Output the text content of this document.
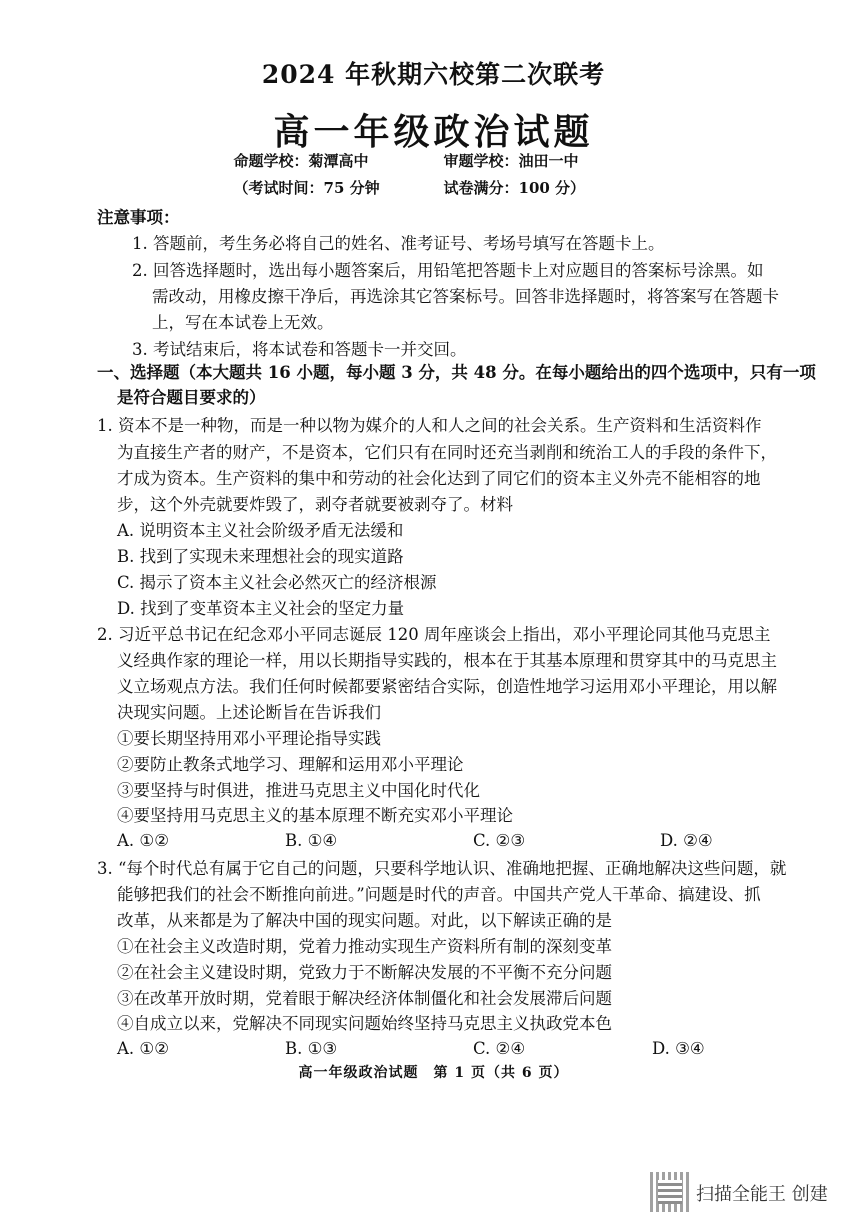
2024 年秋期六校第二次联考
高一年级政治试题
命题学校：菊潭高中	审题学校：油田一中
（考试时间：75 分钟	试卷满分：100 分）
注意事项：
1. 答题前，考生务必将自己的姓名、准考证号、考场号填写在答题卡上。
2. 回答选择题时，选出每小题答案后，用铅笔把答题卡上对应题目的答案标号涂黑。如
需改动，用橡皮擦干净后，再选涂其它答案标号。回答非选择题时，将答案写在答题卡
上，写在本试卷上无效。
3. 考试结束后，将本试卷和答题卡一并交回。
一、选择题（本大题共 16 小题，每小题 3 分，共 48 分。在每小题给出的四个选项中，只有一项
是符合题目要求的）
1. 资本不是一种物，而是一种以物为媒介的人和人之间的社会关系。生产资料和生活资料作
为直接生产者的财产，不是资本，它们只有在同时还充当剥削和统治工人的手段的条件下，
才成为资本。生产资料的集中和劳动的社会化达到了同它们的资本主义外壳不能相容的地
步，这个外壳就要炸毁了，剥夺者就要被剥夺了。材料
A. 说明资本主义社会阶级矛盾无法缓和
B. 找到了实现未来理想社会的现实道路
C. 揭示了资本主义社会必然灭亡的经济根源
D. 找到了变革资本主义社会的坚定力量
2. 习近平总书记在纪念邓小平同志诞辰 120 周年座谈会上指出，邓小平理论同其他马克思主
义经典作家的理论一样，用以长期指导实践的，根本在于其基本原理和贯穿其中的马克思主
义立场观点方法。我们任何时候都要紧密结合实际，创造性地学习运用邓小平理论，用以解
决现实问题。上述论断旨在告诉我们
①要长期坚持用邓小平理论指导实践
②要防止教条式地学习、理解和运用邓小平理论
③要坚持与时俱进，推进马克思主义中国化时代化
④要坚持用马克思主义的基本原理不断充实邓小平理论
A. ①②	B. ①④	C. ②③	D. ②④
3. “每个时代总有属于它自己的问题，只要科学地认识、准确地把握、正确地解决这些问题，就
能够把我们的社会不断推向前进。”问题是时代的声音。中国共产党人干革命、搞建设、抓
改革，从来都是为了解决中国的现实问题。对此，以下解读正确的是
①在社会主义改造时期，党着力推动实现生产资料所有制的深刻变革
②在社会主义建设时期，党致力于不断解决发展的不平衡不充分问题
③在改革开放时期，党着眼于解决经济体制僵化和社会发展滞后问题
④自成立以来，党解决不同现实问题始终坚持马克思主义执政党本色
A. ①②	B. ①③	C. ②④	D. ③④
高一年级政治试题　第 1 页（共 6 页）
扫描全能王 创建
